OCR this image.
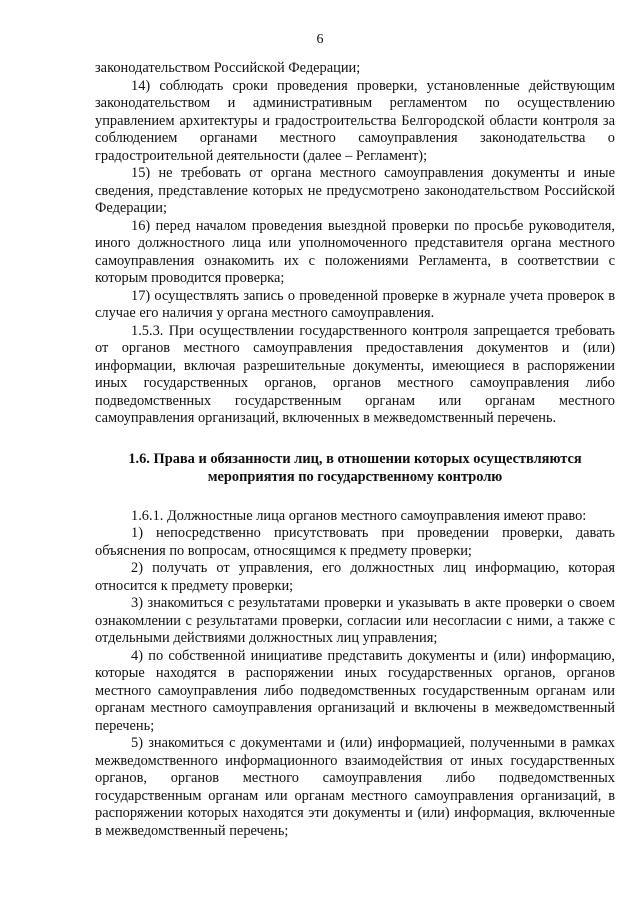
6

законодательством Российской Федерации;

14) соблюдать сроки проведения проверки, установленные действующим законодательством и административным регламентом по осуществлению управлением архитектуры и градостроительства Белгородской области контроля за соблюдением органами местного самоуправления законодательства о градостроительной деятельности (далее – Регламент);

15) не требовать от органа местного самоуправления документы и иные сведения, представление которых не предусмотрено законодательством Российской Федерации;

16) перед началом проведения выездной проверки по просьбе руководителя, иного должностного лица или уполномоченного представителя органа местного самоуправления ознакомить их с положениями Регламента, в соответствии с которым проводится проверка;

17) осуществлять запись о проведенной проверке в журнале учета проверок в случае его наличия у органа местного самоуправления.

1.5.3. При осуществлении государственного контроля запрещается требовать от органов местного самоуправления предоставления документов и (или) информации, включая разрешительные документы, имеющиеся в распоряжении иных государственных органов, органов местного самоуправления либо подведомственных государственным органам или органам местного самоуправления организаций, включенных в межведомственный перечень.

1.6. Права и обязанности лиц, в отношении которых осуществляются мероприятия по государственному контролю

1.6.1. Должностные лица органов местного самоуправления имеют право:

1) непосредственно присутствовать при проведении проверки, давать объяснения по вопросам, относящимся к предмету проверки;

2) получать от управления, его должностных лиц информацию, которая относится к предмету проверки;

3) знакомиться с результатами проверки и указывать в акте проверки о своем ознакомлении с результатами проверки, согласии или несогласии с ними, а также с отдельными действиями должностных лиц управления;

4) по собственной инициативе представить документы и (или) информацию, которые находятся в распоряжении иных государственных органов, органов местного самоуправления либо подведомственных государственным органам или органам местного самоуправления организаций и включены в межведомственный перечень;

5) знакомиться с документами и (или) информацией, полученными в рамках межведомственного информационного взаимодействия от иных государственных органов, органов местного самоуправления либо подведомственных государственным органам или органам местного самоуправления организаций, в распоряжении которых находятся эти документы и (или) информация, включенные в межведомственный перечень;
